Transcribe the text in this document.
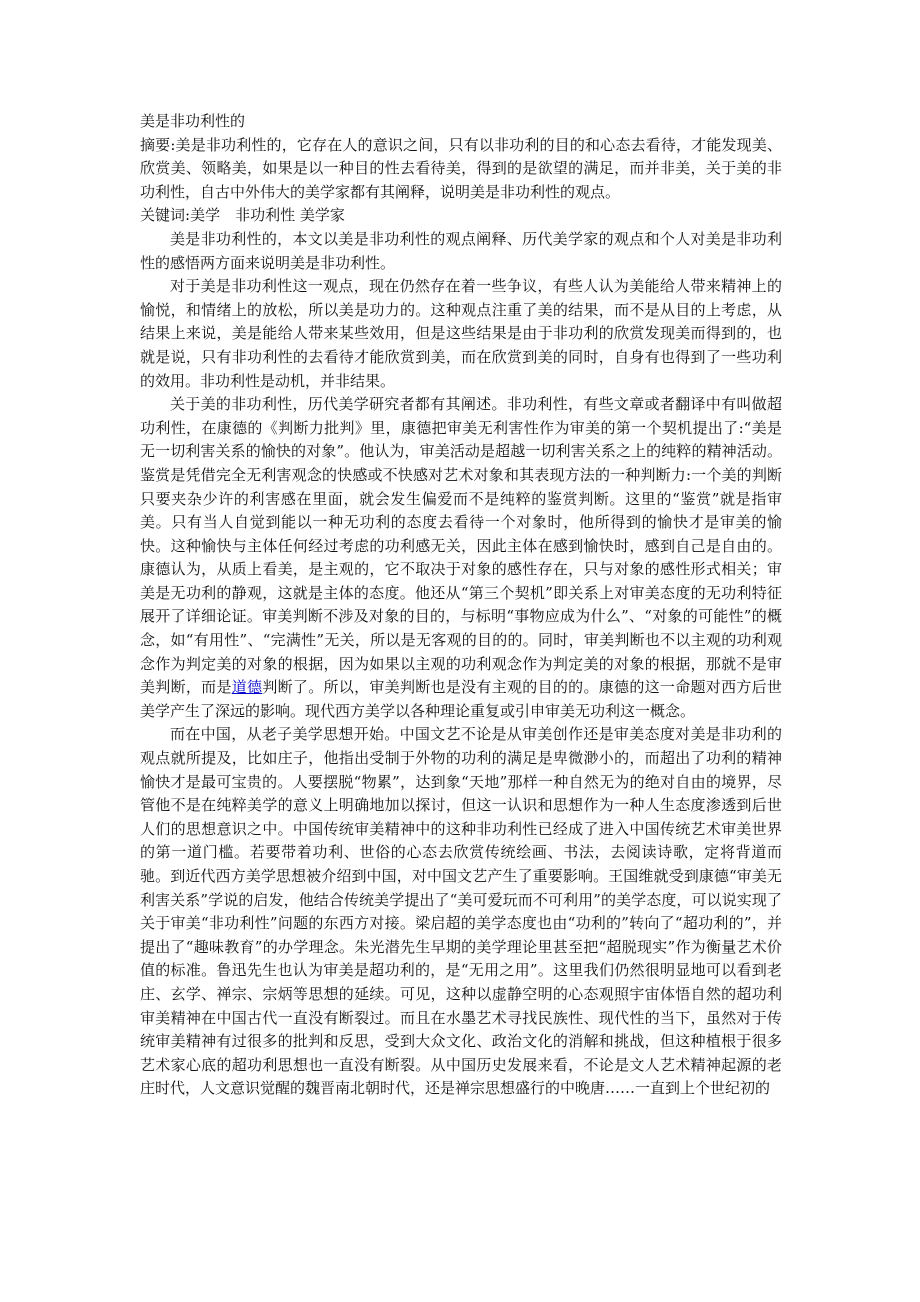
美是非功利性的

摘要:美是非功利性的，它存在人的意识之间，只有以非功利的目的和心态去看待，才能发现美、欣赏美、领略美，如果是以一种目的性去看待美，得到的是欲望的满足，而并非美，关于美的非功利性，自古中外伟大的美学家都有其阐释，说明美是非功利性的观点。

关键词:美学　非功利性 美学家

美是非功利性的，本文以美是非功利性的观点阐释、历代美学家的观点和个人对美是非功利性的感悟两方面来说明美是非功利性。

对于美是非功利性这一观点，现在仍然存在着一些争议，有些人认为美能给人带来精神上的愉悦，和情绪上的放松，所以美是功力的。这种观点注重了美的结果，而不是从目的上考虑，从结果上来说，美是能给人带来某些效用，但是这些结果是由于非功利的欣赏发现美而得到的，也就是说，只有非功利性的去看待才能欣赏到美，而在欣赏到美的同时，自身有也得到了一些功利的效用。非功利性是动机，并非结果。

关于美的非功利性，历代美学研究者都有其阐述。非功利性，有些文章或者翻译中有叫做超功利性，在康德的《判断力批判》里，康德把审美无利害性作为审美的第一个契机提出了:“美是无一切利害关系的愉快的对象”。他认为，审美活动是超越一切利害关系之上的纯粹的精神活动。鉴赏是凭借完全无利害观念的快感或不快感对艺术对象和其表现方法的一种判断力:一个美的判断只要夹杂少许的利害感在里面，就会发生偏爱而不是纯粹的鉴赏判断。这里的“鉴赏”就是指审美。只有当人自觉到能以一种无功利的态度去看待一个对象时，他所得到的愉快才是审美的愉快。这种愉快与主体任何经过考虑的功利感无关，因此主体在感到愉快时，感到自己是自由的。康德认为，从质上看美，是主观的，它不取决于对象的感性存在，只与对象的感性形式相关；审美是无功利的静观，这就是主体的态度。他还从“第三个契机”即关系上对审美态度的无功利特征展开了详细论证。审美判断不涉及对象的目的，与标明“事物应成为什么”、“对象的可能性”的概念，如“有用性”、“完满性”无关，所以是无客观的目的的。同时，审美判断也不以主观的功利观念作为判定美的对象的根据，因为如果以主观的功利观念作为判定美的对象的根据，那就不是审美判断，而是道德判断了。所以，审美判断也是没有主观的目的的。康德的这一命题对西方后世美学产生了深远的影响。现代西方美学以各种理论重复或引申审美无功利这一概念。

而在中国，从老子美学思想开始。中国文艺不论是从审美创作还是审美态度对美是非功利的观点就所提及，比如庄子，他指出受制于外物的功利的满足是卑微渺小的，而超出了功利的精神愉快才是最可宝贵的。人要摆脱“物累”，达到象“天地”那样一种自然无为的绝对自由的境界，尽管他不是在纯粹美学的意义上明确地加以探讨，但这一认识和思想作为一种人生态度渗透到后世人们的思想意识之中。中国传统审美精神中的这种非功利性已经成了进入中国传统艺术审美世界的第一道门槛。若要带着功利、世俗的心态去欣赏传统绘画、书法，去阅读诗歌，定将背道而驰。到近代西方美学思想被介绍到中国，对中国文艺产生了重要影响。王国维就受到康德“审美无利害关系”学说的启发，他结合传统美学提出了“美可爱玩而不可利用”的美学态度，可以说实现了关于审美“非功利性”问题的东西方对接。梁启超的美学态度也由“功利的”转向了“超功利的”，并提出了“趣味教育”的办学理念。朱光潜先生早期的美学理论里甚至把“超脱现实”作为衡量艺术价值的标准。鲁迅先生也认为审美是超功利的，是“无用之用”。这里我们仍然很明显地可以看到老庄、玄学、禅宗、宗炳等思想的延续。可见，这种以虚静空明的心态观照宇宙体悟自然的超功利审美精神在中国古代一直没有断裂过。而且在水墨艺术寻找民族性、现代性的当下，虽然对于传统审美精神有过很多的批判和反思，受到大众文化、政治文化的消解和挑战，但这种植根于很多艺术家心底的超功利思想也一直没有断裂。从中国历史发展来看，不论是文人艺术精神起源的老庄时代，人文意识觉醒的魏晋南北朝时代，还是禅宗思想盛行的中晚唐……一直到上个世纪初的
